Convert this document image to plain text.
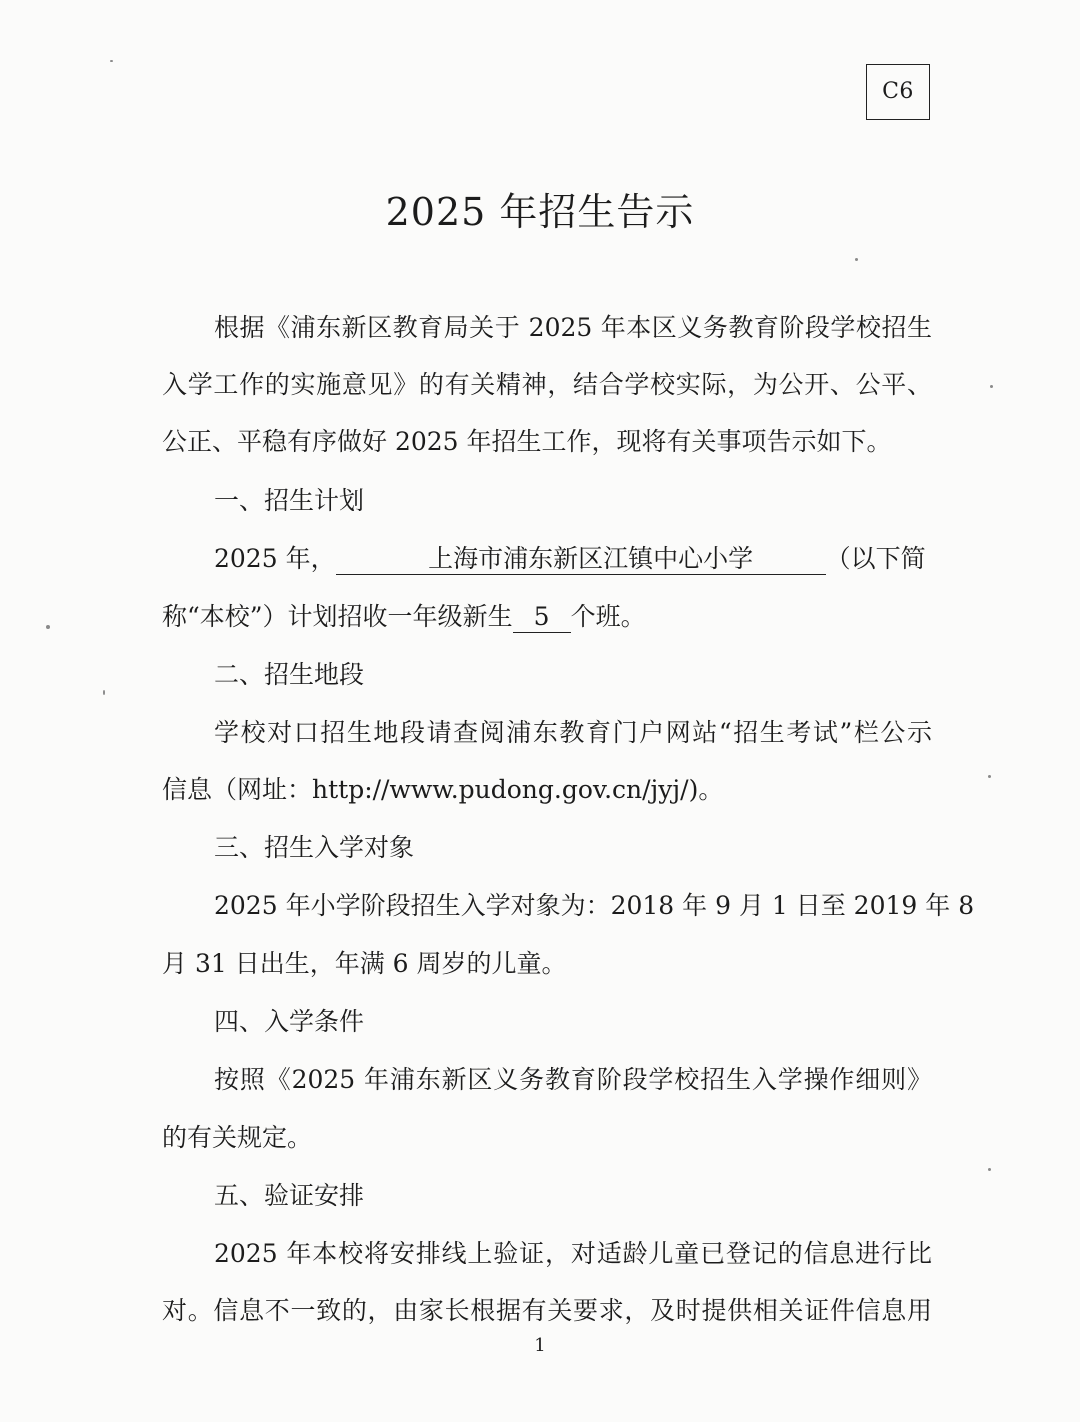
C6
2025 年招生告示
根据《浦东新区教育局关于 2025 年本区义务教育阶段学校招生
入学工作的实施意见》的有关精神，结合学校实际，为公开、公平、
公正、平稳有序做好 2025 年招生工作，现将有关事项告示如下。
一、招生计划
2025 年，	上海市浦东新区江镇中心小学	（以下简
称“本校”）计划招收一年级新生 5 个班。
二、招生地段
学校对口招生地段请查阅浦东教育门户网站“招生考试”栏公示
信息（网址：http://www.pudong.gov.cn/jyj/)。
三、招生入学对象
2025 年小学阶段招生入学对象为：2018 年 9 月 1 日至 2019 年 8
月 31 日出生，年满 6 周岁的儿童。
四、入学条件
按照《2025 年浦东新区义务教育阶段学校招生入学操作细则》
的有关规定。
五、验证安排
2025 年本校将安排线上验证，对适龄儿童已登记的信息进行比
对。信息不一致的，由家长根据有关要求，及时提供相关证件信息用
1
